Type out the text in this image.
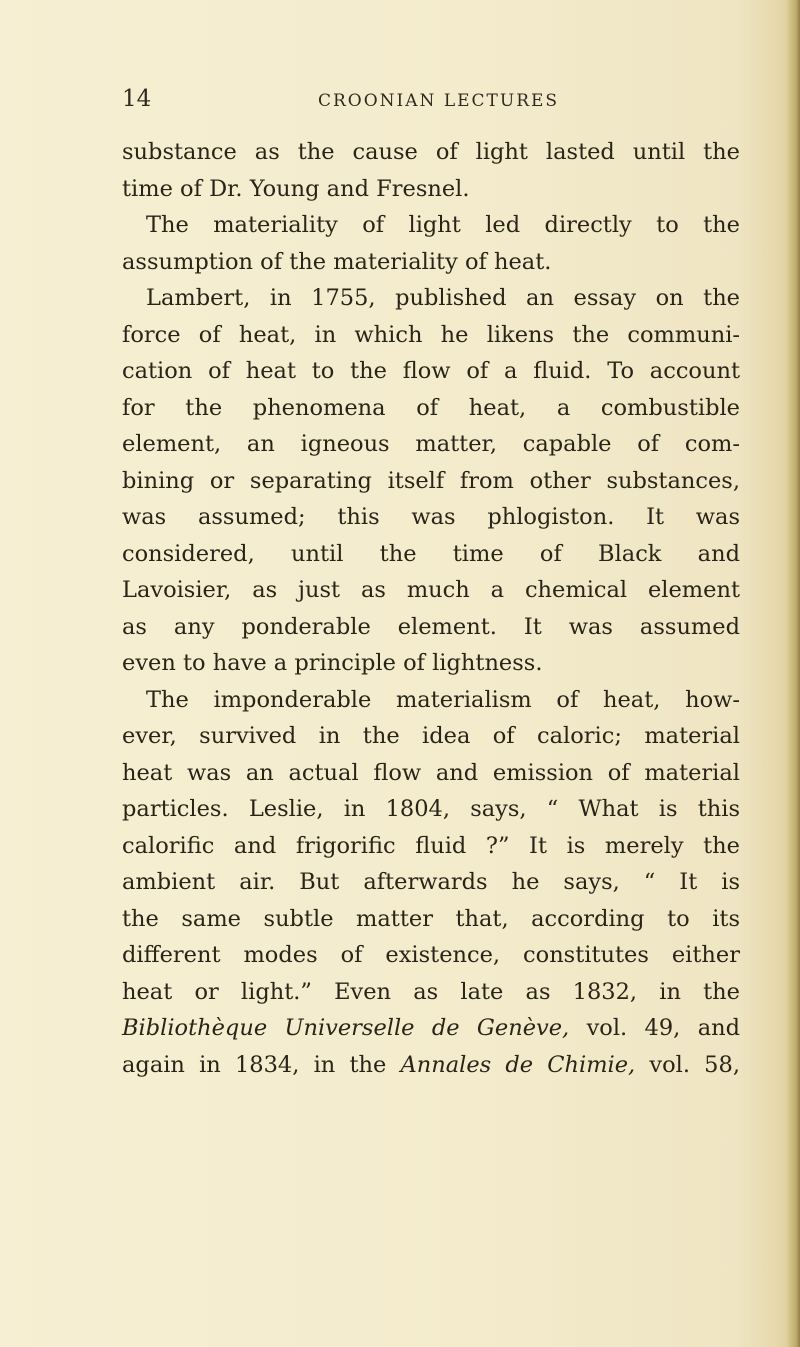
14	CROONIAN LECTURES
substance as the cause of light lasted until the
time of Dr. Young and Fresnel.
The materiality of light led directly to the
assumption of the materiality of heat.
Lambert, in 1755, published an essay on the
force of heat, in which he likens the communi-
cation of heat to the flow of a fluid. To account
for the phenomena of heat, a combustible
element, an igneous matter, capable of com-
bining or separating itself from other substances,
was assumed; this was phlogiston. It was
considered, until the time of Black and
Lavoisier, as just as much a chemical element
as any ponderable element. It was assumed
even to have a principle of lightness.
The imponderable materialism of heat, how-
ever, survived in the idea of caloric; material
heat was an actual flow and emission of material
particles. Leslie, in 1804, says, “ What is this
calorific and frigorific fluid ?” It is merely the
ambient air. But afterwards he says, “ It is
the same subtle matter that, according to its
different modes of existence, constitutes either
heat or light.” Even as late as 1832, in the
Bibliothèque Universelle de Genève, vol. 49, and
again in 1834, in the Annales de Chimie, vol. 58,
